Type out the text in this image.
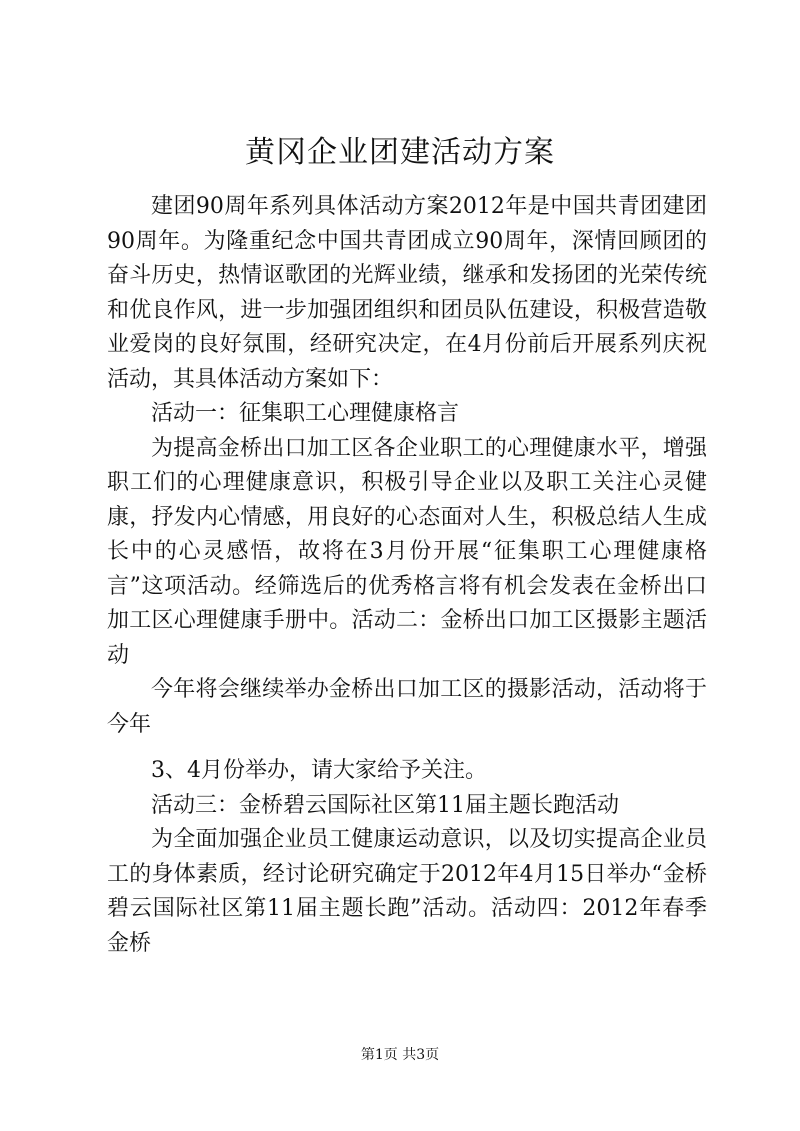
黄冈企业团建活动方案

建团90周年系列具体活动方案2012年是中国共青团建团90周年。为隆重纪念中国共青团成立90周年，深情回顾团的奋斗历史，热情讴歌团的光辉业绩，继承和发扬团的光荣传统和优良作风，进一步加强团组织和团员队伍建设，积极营造敬业爱岗的良好氛围，经研究决定，在4月份前后开展系列庆祝活动，其具体活动方案如下：

活动一：征集职工心理健康格言

为提高金桥出口加工区各企业职工的心理健康水平，增强职工们的心理健康意识，积极引导企业以及职工关注心灵健康，抒发内心情感，用良好的心态面对人生，积极总结人生成长中的心灵感悟，故将在3月份开展“征集职工心理健康格言”这项活动。经筛选后的优秀格言将有机会发表在金桥出口加工区心理健康手册中。活动二：金桥出口加工区摄影主题活动

今年将会继续举办金桥出口加工区的摄影活动，活动将于今年

3、4月份举办，请大家给予关注。

活动三：金桥碧云国际社区第11届主题长跑活动

为全面加强企业员工健康运动意识，以及切实提高企业员工的身体素质，经讨论研究确定于2012年4月15日举办“金桥碧云国际社区第11届主题长跑”活动。活动四：2012年春季金桥

第1页 共3页
